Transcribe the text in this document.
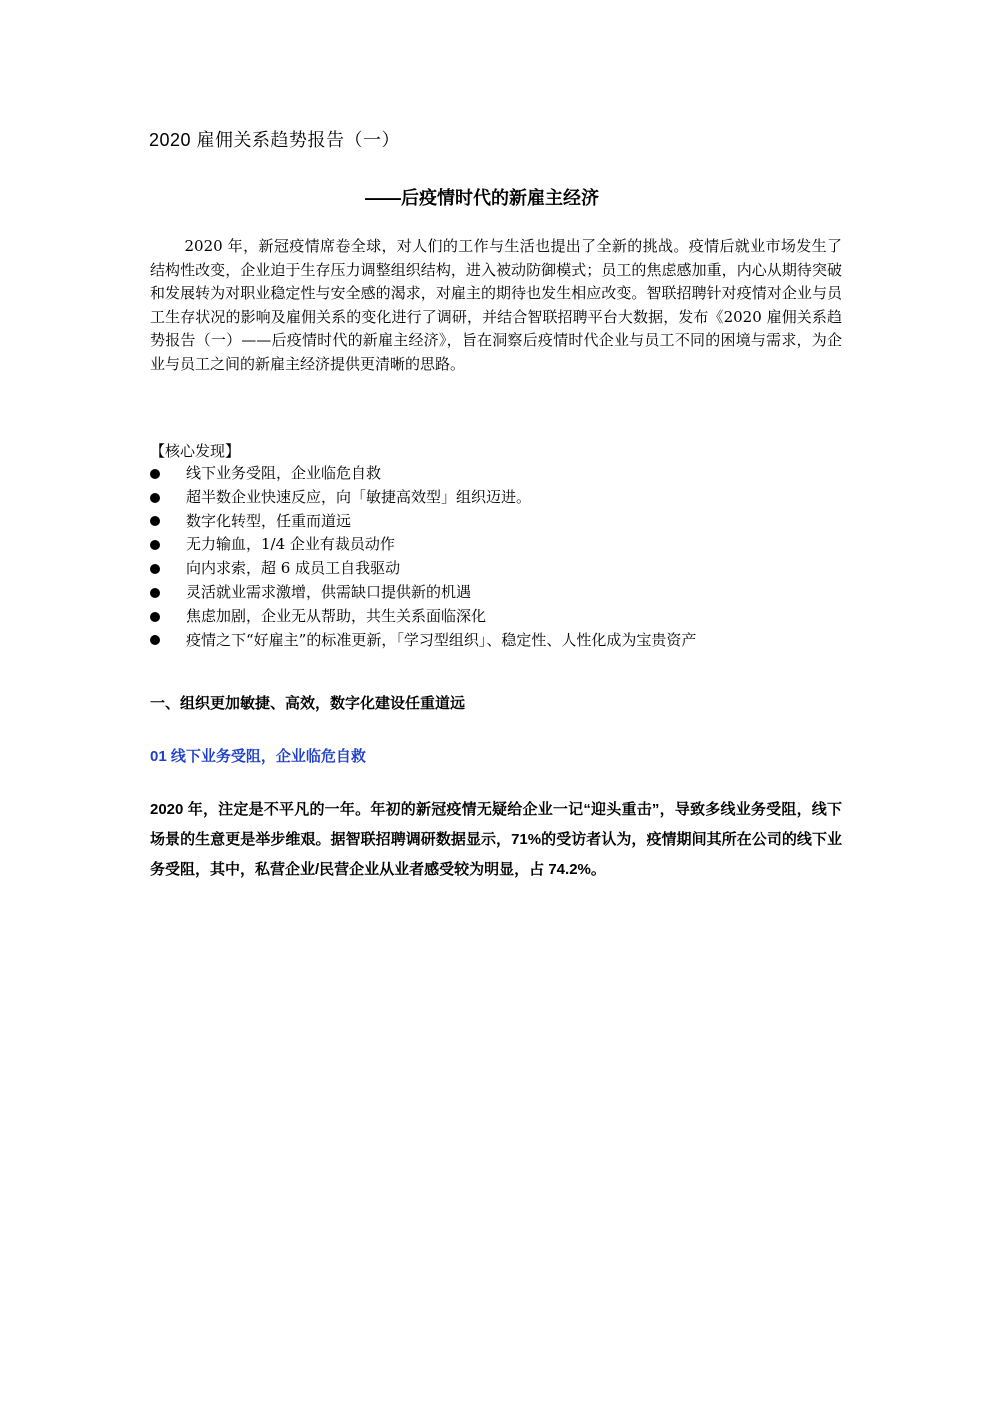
2020 雇佣关系趋势报告（一）
——后疫情时代的新雇主经济

2020 年，新冠疫情席卷全球，对人们的工作与生活也提出了全新的挑战。疫情后就业市场发生了结构性改变，企业迫于生存压力调整组织结构，进入被动防御模式；员工的焦虑感加重，内心从期待突破和发展转为对职业稳定性与安全感的渴求，对雇主的期待也发生相应改变。智联招聘针对疫情对企业与员工生存状况的影响及雇佣关系的变化进行了调研，并结合智联招聘平台大数据，发布《2020 雇佣关系趋势报告（一）——后疫情时代的新雇主经济》，旨在洞察后疫情时代企业与员工不同的困境与需求，为企业与员工之间的新雇主经济提供更清晰的思路。

【核心发现】
线下业务受阻，企业临危自救
超半数企业快速反应，向「敏捷高效型」组织迈进。
数字化转型，任重而道远
无力输血，1/4 企业有裁员动作
向内求索，超 6 成员工自我驱动
灵活就业需求激增，供需缺口提供新的机遇
焦虑加剧，企业无从帮助，共生关系面临深化
疫情之下“好雇主”的标准更新，「学习型组织」、稳定性、人性化成为宝贵资产
一、组织更加敏捷、高效，数字化建设任重道远
01 线下业务受阻，企业临危自救

2020 年，注定是不平凡的一年。年初的新冠疫情无疑给企业一记“迎头重击”，导致多线业务受阻，线下场景的生意更是举步维艰。据智联招聘调研数据显示，71%的受访者认为，疫情期间其所在公司的线下业务受阻，其中，私营企业/民营企业从业者感受较为明显，占 74.2%。
